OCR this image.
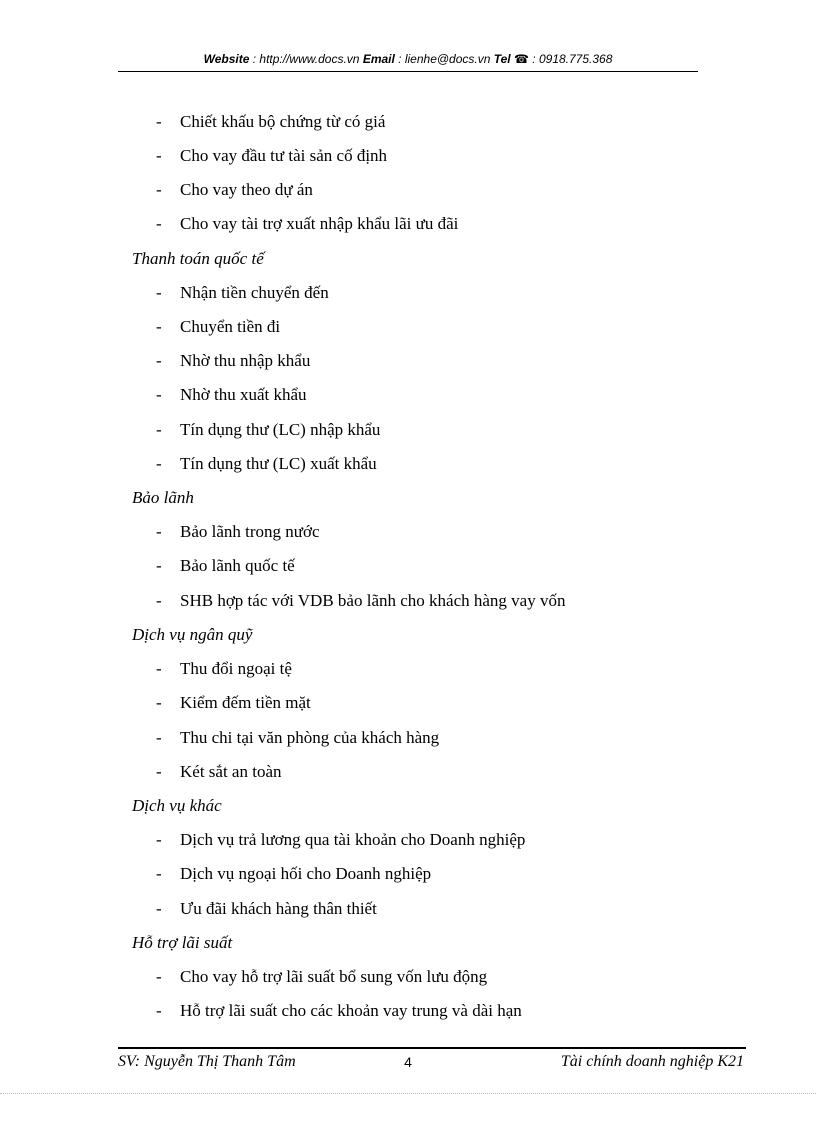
Website : http://www.docs.vn Email : lienhe@docs.vn Tel ☎ : 0918.775.368
- Chiết khấu bộ chứng từ có giá
- Cho vay đầu tư tài sản cố định
- Cho vay theo dự án
- Cho vay tài trợ xuất nhập khẩu lãi ưu đãi
Thanh toán quốc tế
- Nhận tiền chuyển đến
- Chuyển tiền đi
- Nhờ thu nhập khẩu
- Nhờ thu xuất khẩu
- Tín dụng thư (LC) nhập khẩu
- Tín dụng thư (LC) xuất khẩu
Bảo lãnh
- Bảo lãnh trong nước
- Bảo lãnh quốc tế
- SHB hợp tác với VDB bảo lãnh cho khách hàng vay vốn
Dịch vụ ngân quỹ
- Thu đổi ngoại tệ
- Kiểm đếm tiền mặt
- Thu chi tại văn phòng của khách hàng
- Két sắt an toàn
Dịch vụ khác
- Dịch vụ trả lương qua tài khoản cho Doanh nghiệp
- Dịch vụ ngoại hối cho Doanh nghiệp
- Ưu đãi khách hàng thân thiết
Hỗ trợ lãi suất
- Cho vay hỗ trợ lãi suất bổ sung vốn lưu động
- Hỗ trợ lãi suất cho các khoản vay trung và dài hạn
SV: Nguyễn Thị Thanh Tâm	4	Tài chính doanh nghiệp K21
